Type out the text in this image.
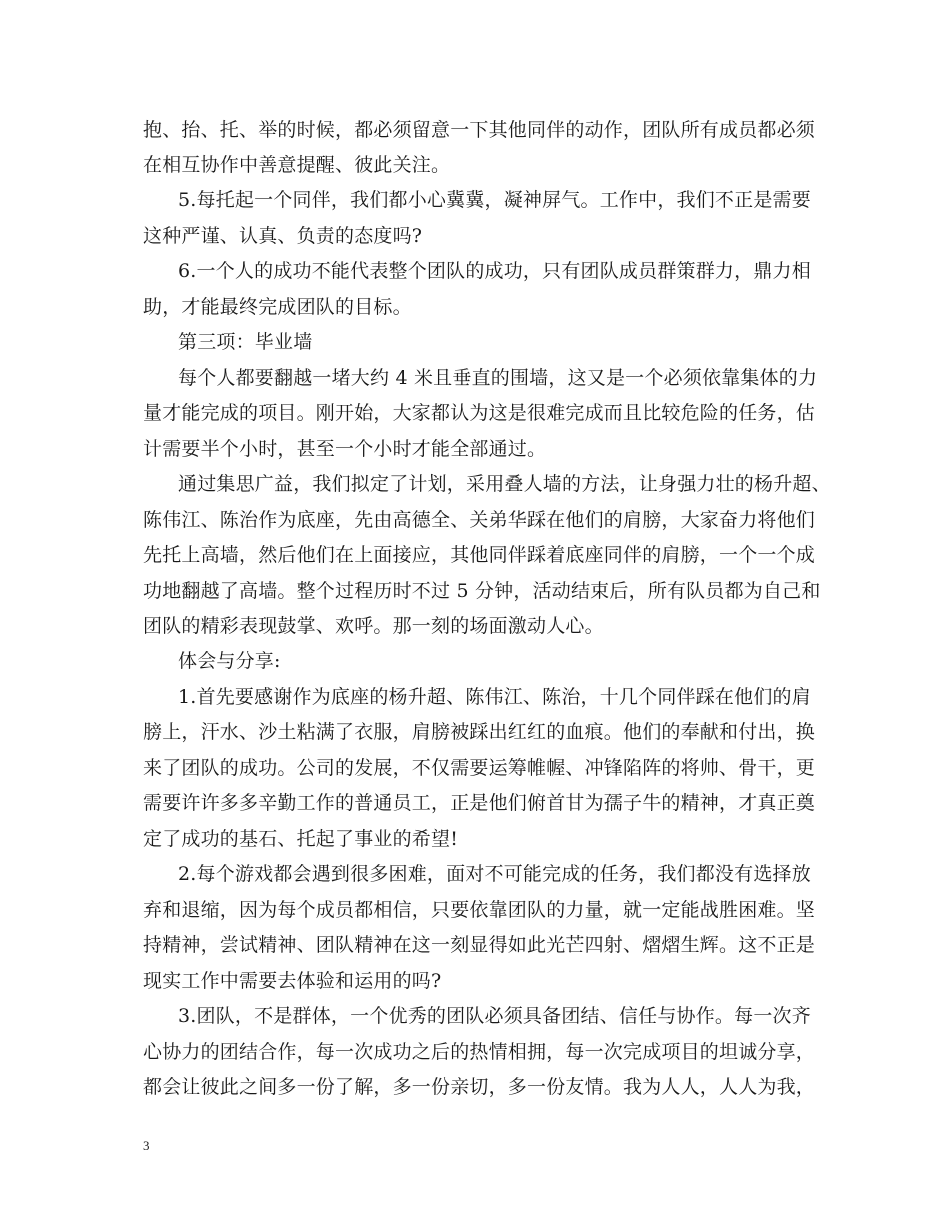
抱、抬、托、举的时候，都必须留意一下其他同伴的动作，团队所有成员都必须
在相互协作中善意提醒、彼此关注。
5.每托起一个同伴，我们都小心冀冀，凝神屏气。工作中，我们不正是需要
这种严谨、认真、负责的态度吗?
6.一个人的成功不能代表整个团队的成功，只有团队成员群策群力，鼎力相
助，才能最终完成团队的目标。
第三项：毕业墙
每个人都要翻越一堵大约 4 米且垂直的围墙，这又是一个必须依靠集体的力
量才能完成的项目。刚开始，大家都认为这是很难完成而且比较危险的任务，估
计需要半个小时，甚至一个小时才能全部通过。
通过集思广益，我们拟定了计划，采用叠人墙的方法，让身强力壮的杨升超、
陈伟江、陈治作为底座，先由高德全、关弟华踩在他们的肩膀，大家奋力将他们
先托上高墙，然后他们在上面接应，其他同伴踩着底座同伴的肩膀，一个一个成
功地翻越了高墙。整个过程历时不过 5 分钟，活动结束后，所有队员都为自己和
团队的精彩表现鼓掌、欢呼。那一刻的场面激动人心。
体会与分享:
1.首先要感谢作为底座的杨升超、陈伟江、陈治，十几个同伴踩在他们的肩
膀上，汗水、沙土粘满了衣服，肩膀被踩出红红的血痕。他们的奉献和付出，换
来了团队的成功。公司的发展，不仅需要运筹帷幄、冲锋陷阵的将帅、骨干，更
需要许许多多辛勤工作的普通员工，正是他们俯首甘为孺子牛的精神，才真正奠
定了成功的基石、托起了事业的希望!
2.每个游戏都会遇到很多困难，面对不可能完成的任务，我们都没有选择放
弃和退缩，因为每个成员都相信，只要依靠团队的力量，就一定能战胜困难。坚
持精神，尝试精神、团队精神在这一刻显得如此光芒四射、熠熠生辉。这不正是
现实工作中需要去体验和运用的吗?
3.团队，不是群体，一个优秀的团队必须具备团结、信任与协作。每一次齐
心协力的团结合作，每一次成功之后的热情相拥，每一次完成项目的坦诚分享，
都会让彼此之间多一份了解，多一份亲切，多一份友情。我为人人，人人为我，
3
